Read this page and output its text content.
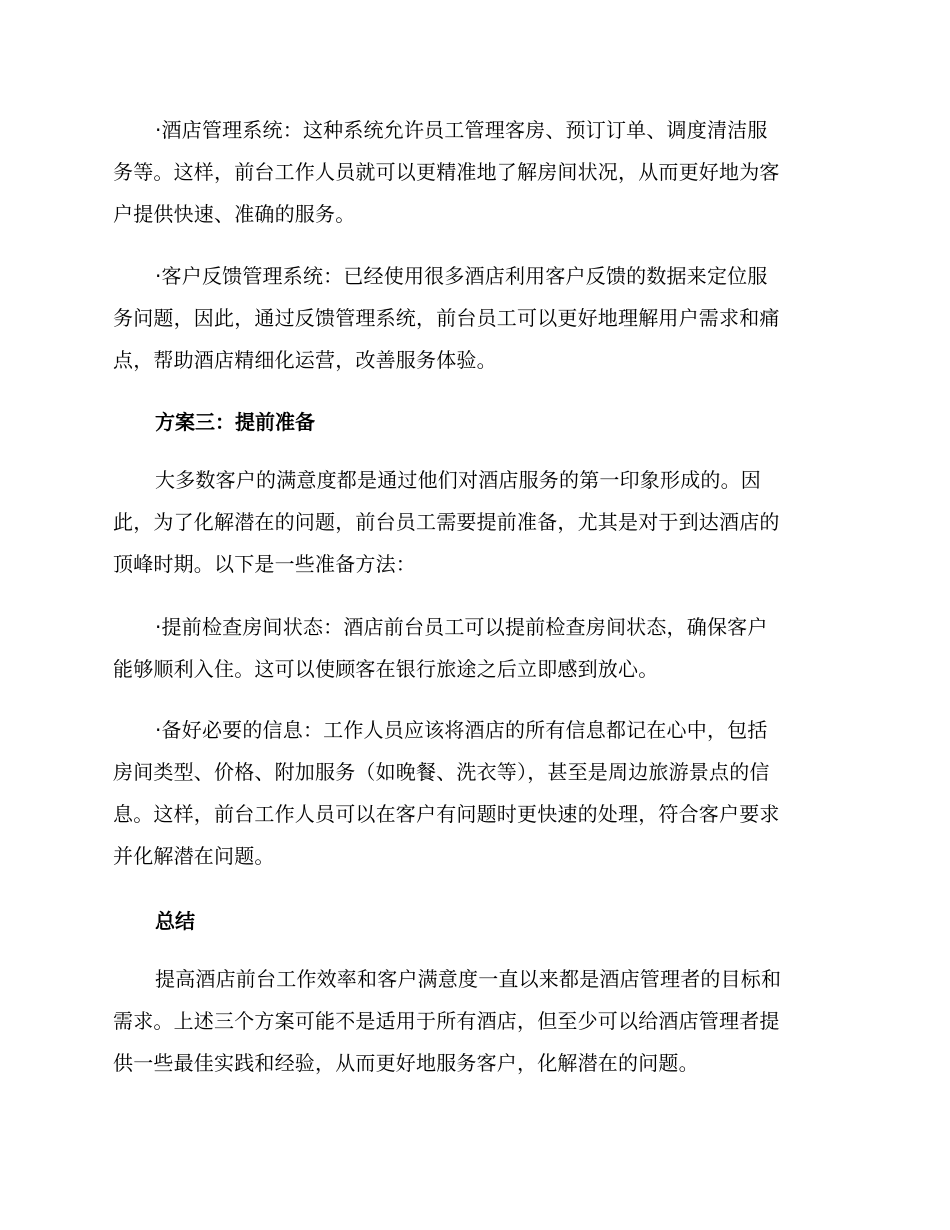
·酒店管理系统：这种系统允许员工管理客房、预订订单、调度清洁服
务等。这样，前台工作人员就可以更精准地了解房间状况，从而更好地为客
户提供快速、准确的服务。
·客户反馈管理系统：已经使用很多酒店利用客户反馈的数据来定位服
务问题，因此，通过反馈管理系统，前台员工可以更好地理解用户需求和痛
点，帮助酒店精细化运营，改善服务体验。
方案三：提前准备
大多数客户的满意度都是通过他们对酒店服务的第一印象形成的。因
此，为了化解潜在的问题，前台员工需要提前准备，尤其是对于到达酒店的
顶峰时期。以下是一些准备方法：
·提前检查房间状态：酒店前台员工可以提前检查房间状态，确保客户
能够顺利入住。这可以使顾客在银行旅途之后立即感到放心。
·备好必要的信息：工作人员应该将酒店的所有信息都记在心中，包括
房间类型、价格、附加服务（如晚餐、洗衣等），甚至是周边旅游景点的信
息。这样，前台工作人员可以在客户有问题时更快速的处理，符合客户要求
并化解潜在问题。
总结
提高酒店前台工作效率和客户满意度一直以来都是酒店管理者的目标和
需求。上述三个方案可能不是适用于所有酒店，但至少可以给酒店管理者提
供一些最佳实践和经验，从而更好地服务客户，化解潜在的问题。
